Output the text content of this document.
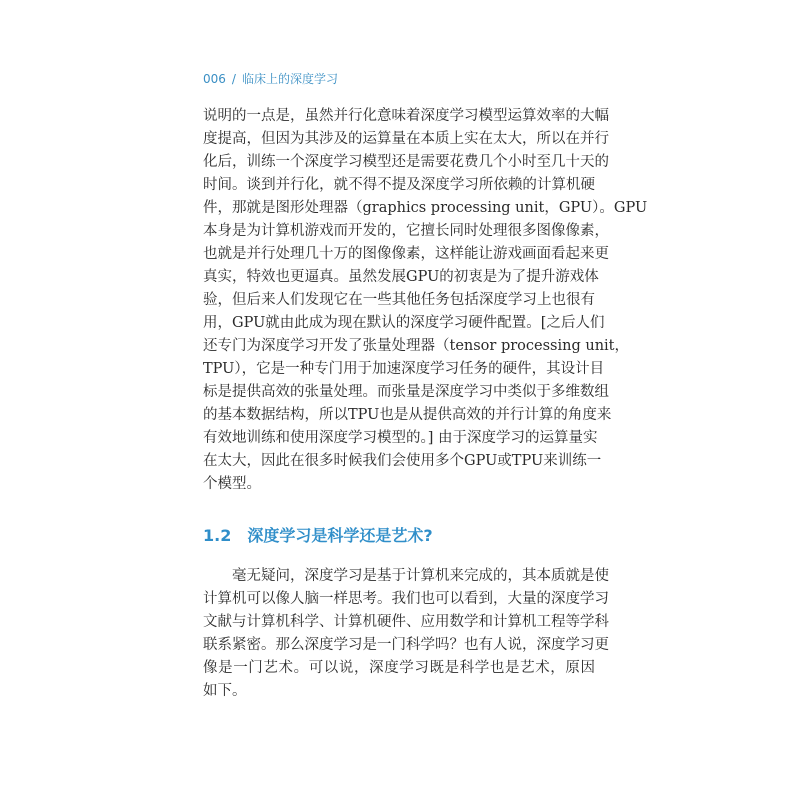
006 / 临床上的深度学习
说明的一点是，虽然并行化意味着深度学习模型运算效率的大幅
度提高，但因为其涉及的运算量在本质上实在太大，所以在并行
化后，训练一个深度学习模型还是需要花费几个小时至几十天的
时间。谈到并行化，就不得不提及深度学习所依赖的计算机硬
件，那就是图形处理器（graphics processing unit，GPU）。GPU
本身是为计算机游戏而开发的，它擅长同时处理很多图像像素，
也就是并行处理几十万的图像像素，这样能让游戏画面看起来更
真实，特效也更逼真。虽然发展GPU的初衷是为了提升游戏体
验，但后来人们发现它在一些其他任务包括深度学习上也很有
用，GPU就由此成为现在默认的深度学习硬件配置。[之后人们
还专门为深度学习开发了张量处理器（tensor processing unit，
TPU），它是一种专门用于加速深度学习任务的硬件，其设计目
标是提供高效的张量处理。而张量是深度学习中类似于多维数组
的基本数据结构，所以TPU也是从提供高效的并行计算的角度来
有效地训练和使用深度学习模型的。] 由于深度学习的运算量实
在太大，因此在很多时候我们会使用多个GPU或TPU来训练一
个模型。
1.2 深度学习是科学还是艺术?
毫无疑问，深度学习是基于计算机来完成的，其本质就是使
计算机可以像人脑一样思考。我们也可以看到，大量的深度学习
文献与计算机科学、计算机硬件、应用数学和计算机工程等学科
联系紧密。那么深度学习是一门科学吗？也有人说，深度学习更
像是一门艺术。可以说，深度学习既是科学也是艺术，原因
如下。
